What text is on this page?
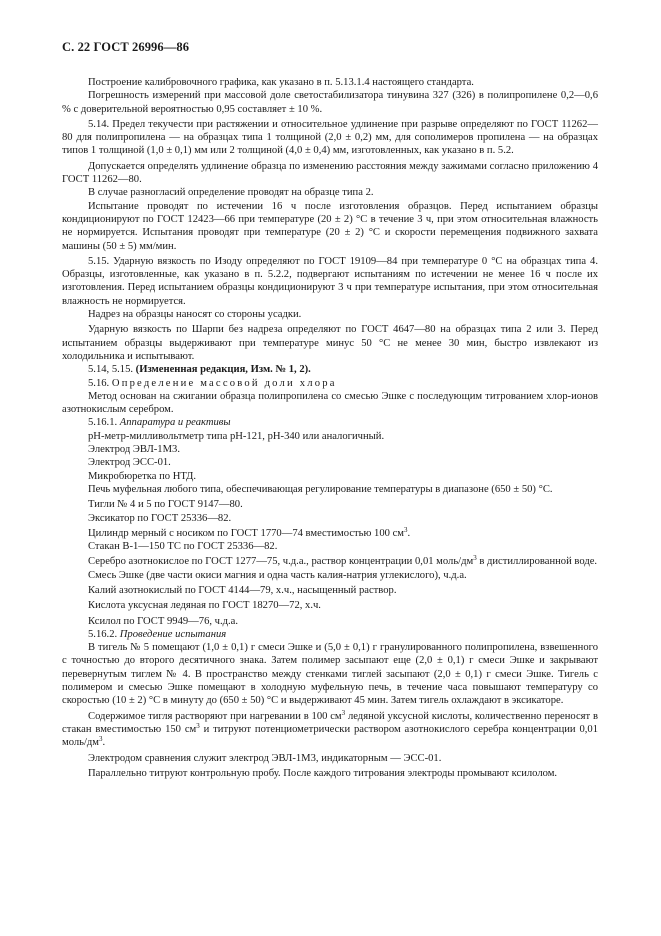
С. 22 ГОСТ 26996—86

Построение калибровочного графика, как указано в п. 5.13.1.4 настоящего стандарта.

Погрешность измерений при массовой доле светостабилизатора тинувина 327 (326) в полипропилене 0,2—0,6 % с доверительной вероятностью 0,95 составляет ± 10 %.

5.14. Предел текучести при растяжении и относительное удлинение при разрыве определяют по ГОСТ 11262—80 для полипропилена — на образцах типа 1 толщиной (2,0 ± 0,2) мм, для сополимеров пропилена — на образцах типов 1 толщиной (1,0 ± 0,1) мм или 2 толщиной (4,0 ± 0,4) мм, изготовленных, как указано в п. 5.2.

Допускается определять удлинение образца по изменению расстояния между зажимами согласно приложению 4 ГОСТ 11262—80.

В случае разногласий определение проводят на образце типа 2.

Испытание проводят по истечении 16 ч после изготовления образцов. Перед испытанием образцы кондиционируют по ГОСТ 12423—66 при температуре (20 ± 2) °С в течение 3 ч, при этом относительная влажность не нормируется. Испытания проводят при температуре (20 ± 2) °С и скорости перемещения подвижного захвата машины (50 ± 5) мм/мин.

5.15. Ударную вязкость по Изоду определяют по ГОСТ 19109—84 при температуре 0 °С на образцах типа 4. Образцы, изготовленные, как указано в п. 5.2.2, подвергают испытаниям по истечении не менее 16 ч после их изготовления. Перед испытанием образцы кондиционируют 3 ч при температуре испытания, при этом относительная влажность не нормируется.

Надрез на образцы наносят со стороны усадки.

Ударную вязкость по Шарпи без надреза определяют по ГОСТ 4647—80 на образцах типа 2 или 3. Перед испытанием образцы выдерживают при температуре минус 50 °С не менее 30 мин, быстро извлекают из холодильника и испытывают.

5.14, 5.15. (Измененная редакция, Изм. № 1, 2).

5.16. Определение массовой доли хлора

Метод основан на сжигании образца полипропилена со смесью Эшке с последующим титрованием хлор-ионов азотнокислым серебром.

5.16.1. Аппаратура и реактивы

рН-метр-милливольтметр типа рН-121, рН-340 или аналогичный.

Электрод ЭВЛ-1М3.

Электрод ЭСС-01.

Микробюретка по НТД.

Печь муфельная любого типа, обеспечивающая регулирование температуры в диапазоне (650 ± 50) °С.

Тигли № 4 и 5 по ГОСТ 9147—80.

Эксикатор по ГОСТ 25336—82.

Цилиндр мерный с носиком по ГОСТ 1770—74 вместимостью 100 $см^3$.

Стакан В-1—150 ТС по ГОСТ 25336—82.

Серебро азотнокислое по ГОСТ 1277—75, ч.д.а., раствор концентрации 0,01 моль/$дм^3$ в дистиллированной воде.

Смесь Эшке (две части окиси магния и одна часть калия-натрия углекислого), ч.д.а.

Калий азотнокислый по ГОСТ 4144—79, х.ч., насыщенный раствор.

Кислота уксусная ледяная по ГОСТ 18270—72, х.ч.

Ксилол по ГОСТ 9949—76, ч.д.а.

5.16.2. Проведение испытания

В тигель № 5 помещают (1,0 ± 0,1) г смеси Эшке и (5,0 ± 0,1) г гранулированного полипропилена, взвешенного с точностью до второго десятичного знака. Затем полимер засыпают еще (2,0 ± 0,1) г смеси Эшке и закрывают перевернутым тиглем № 4. В пространство между стенками тиглей засыпают (2,0 ± 0,1) г смеси Эшке. Тигель с полимером и смесью Эшке помещают в холодную муфельную печь, в течение часа повышают температуру со скоростью (10 ± 2) °С в минуту до (650 ± 50) °С и выдерживают 45 мин. Затем тигель охлаждают в эксикаторе.

Содержимое тигля растворяют при нагревании в 100 $см^3$ ледяной уксусной кислоты, количественно переносят в стакан вместимостью 150 $см^3$ и титруют потенциометрически раствором азотнокислого серебра концентрации 0,01 моль/$дм^3$.

Электродом сравнения служит электрод ЭВЛ-1М3, индикаторным — ЭСС-01.

Параллельно титруют контрольную пробу. После каждого титрования электроды промывают ксилолом.
